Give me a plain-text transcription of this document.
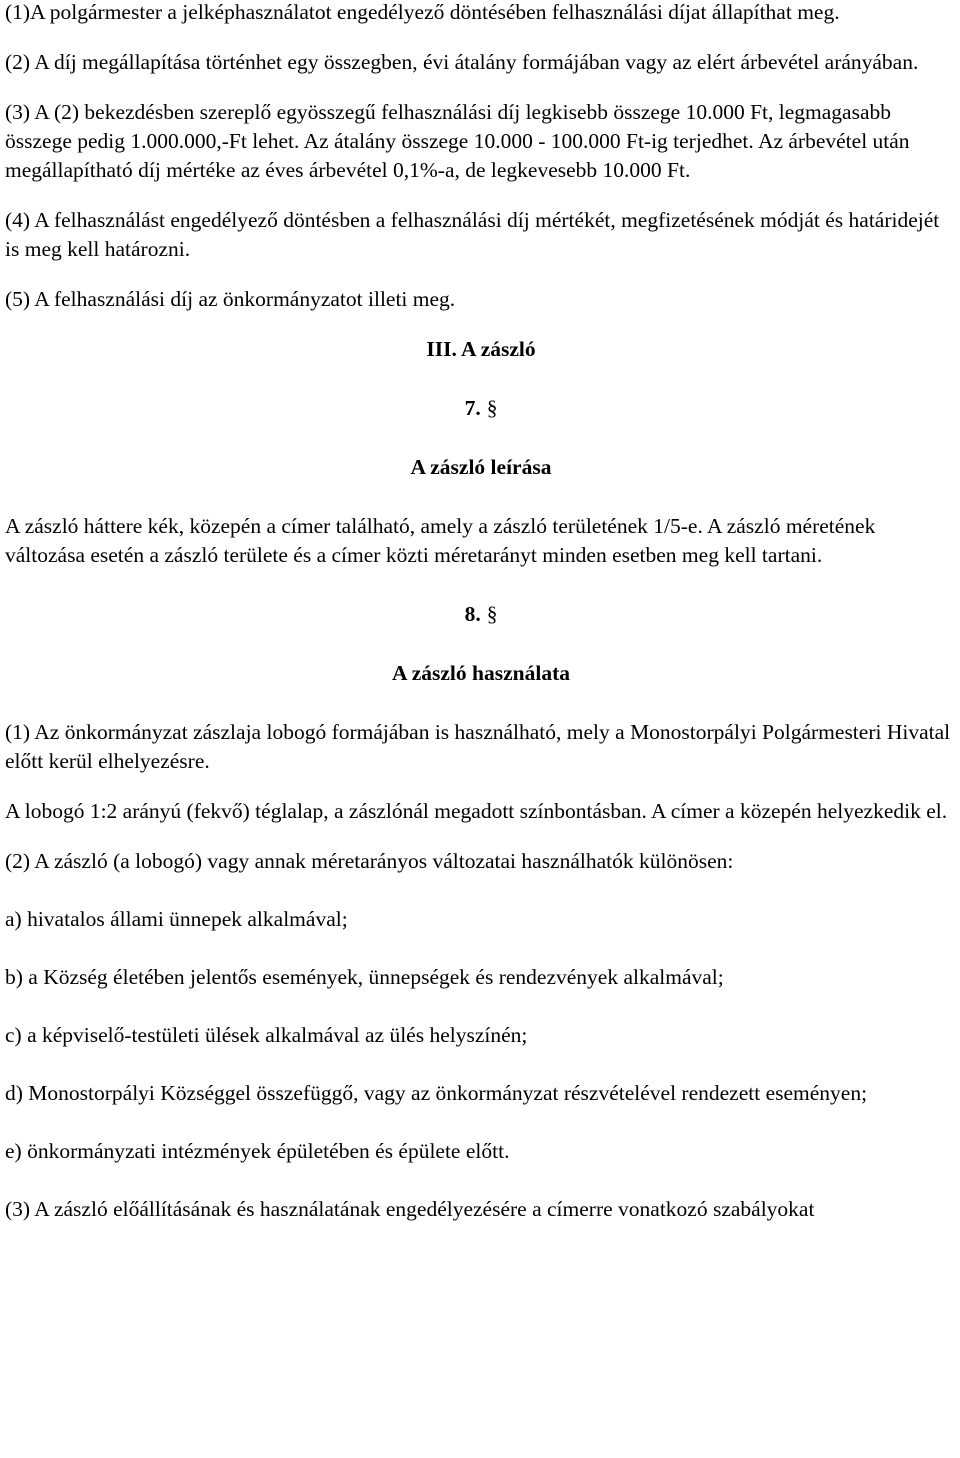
(1)A polgármester a jelképhasználatot engedélyező döntésében felhasználási díjat állapíthat meg.

(2) A díj megállapítása történhet egy összegben, évi átalány formájában vagy az elért árbevétel arányában.

(3) A (2) bekezdésben szereplő egyösszegű felhasználási díj legkisebb összege 10.000 Ft, legmagasabb összege pedig 1.000.000,-Ft lehet. Az átalány összege 10.000 - 100.000 Ft-ig terjedhet. Az árbevétel után megállapítható díj mértéke az éves árbevétel 0,1%-a, de legkevesebb 10.000 Ft.

(4) A felhasználást engedélyező döntésben a felhasználási díj mértékét, megfizetésének módját és határidejét is meg kell határozni.

(5) A felhasználási díj az önkormányzatot illeti meg.

III. A zászló
7. §
A zászló leírása

A zászló háttere kék, közepén a címer található, amely a zászló területének 1/5-e. A zászló méretének változása esetén a zászló területe és a címer közti méretarányt minden esetben meg kell tartani.

8. §
A zászló használata

(1) Az önkormányzat zászlaja lobogó formájában is használható, mely a Monostorpályi Polgármesteri Hivatal előtt kerül elhelyezésre.

A lobogó 1:2 arányú (fekvő) téglalap, a zászlónál megadott színbontásban. A címer a közepén helyezkedik el.

(2) A zászló (a lobogó) vagy annak méretarányos változatai használhatók különösen:

a) hivatalos állami ünnepek alkalmával;

b) a Község életében jelentős események, ünnepségek és rendezvények alkalmával;

c) a képviselő-testületi ülések alkalmával az ülés helyszínén;

d) Monostorpályi Községgel összefüggő, vagy az önkormányzat részvételével rendezett eseményen;

e) önkormányzati intézmények épületében és épülete előtt.

(3) A zászló előállításának és használatának engedélyezésére a címerre vonatkozó szabályokat
